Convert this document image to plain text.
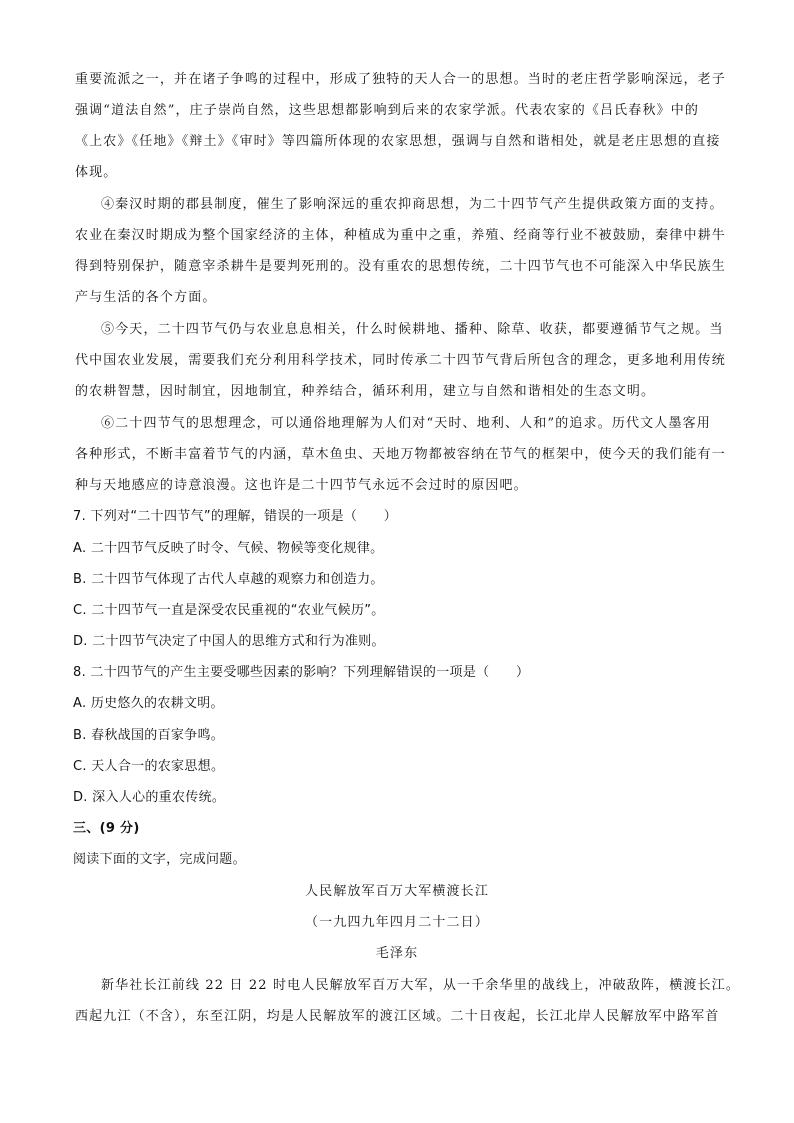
重要流派之一，并在诸子争鸣的过程中，形成了独特的天人合一的思想。当时的老庄哲学影响深远，老子
强调“道法自然”，庄子崇尚自然，这些思想都影响到后来的农家学派。代表农家的《吕氏春秋》中的
《上农》《任地》《辩土》《审时》等四篇所体现的农家思想，强调与自然和谐相处，就是老庄思想的直接
体现。
④秦汉时期的郡县制度，催生了影响深远的重农抑商思想，为二十四节气产生提供政策方面的支持。
农业在秦汉时期成为整个国家经济的主体，种植成为重中之重，养殖、经商等行业不被鼓励，秦律中耕牛
得到特别保护，随意宰杀耕牛是要判死刑的。没有重农的思想传统，二十四节气也不可能深入中华民族生
产与生活的各个方面。
⑤今天，二十四节气仍与农业息息相关，什么时候耕地、播种、除草、收获，都要遵循节气之规。当
代中国农业发展，需要我们充分利用科学技术，同时传承二十四节气背后所包含的理念，更多地利用传统
的农耕智慧，因时制宜，因地制宜，种养结合，循环利用，建立与自然和谐相处的生态文明。
⑥二十四节气的思想理念，可以通俗地理解为人们对“天时、地利、人和”的追求。历代文人墨客用
各种形式，不断丰富着节气的内涵，草木鱼虫、天地万物都被容纳在节气的框架中，使今天的我们能有一
种与天地感应的诗意浪漫。这也许是二十四节气永远不会过时的原因吧。
7. 下列对“二十四节气”的理解，错误的一项是（　　）
A. 二十四节气反映了时令、气候、物候等变化规律。
B. 二十四节气体现了古代人卓越的观察力和创造力。
C. 二十四节气一直是深受农民重视的“农业气候历”。
D. 二十四节气决定了中国人的思维方式和行为准则。
8. 二十四节气的产生主要受哪些因素的影响？下列理解错误的一项是（　　）
A. 历史悠久的农耕文明。
B. 春秋战国的百家争鸣。
C. 天人合一的农家思想。
D. 深入人心的重农传统。
三、(9 分)
阅读下面的文字，完成问题。
人民解放军百万大军横渡长江
（一九四九年四月二十二日）
毛泽东
新华社长江前线 22 日 22 时电人民解放军百万大军，从一千余华里的战线上，冲破敌阵，横渡长江。
西起九江（不含），东至江阴，均是人民解放军的渡江区域。二十日夜起，长江北岸人民解放军中路军首
